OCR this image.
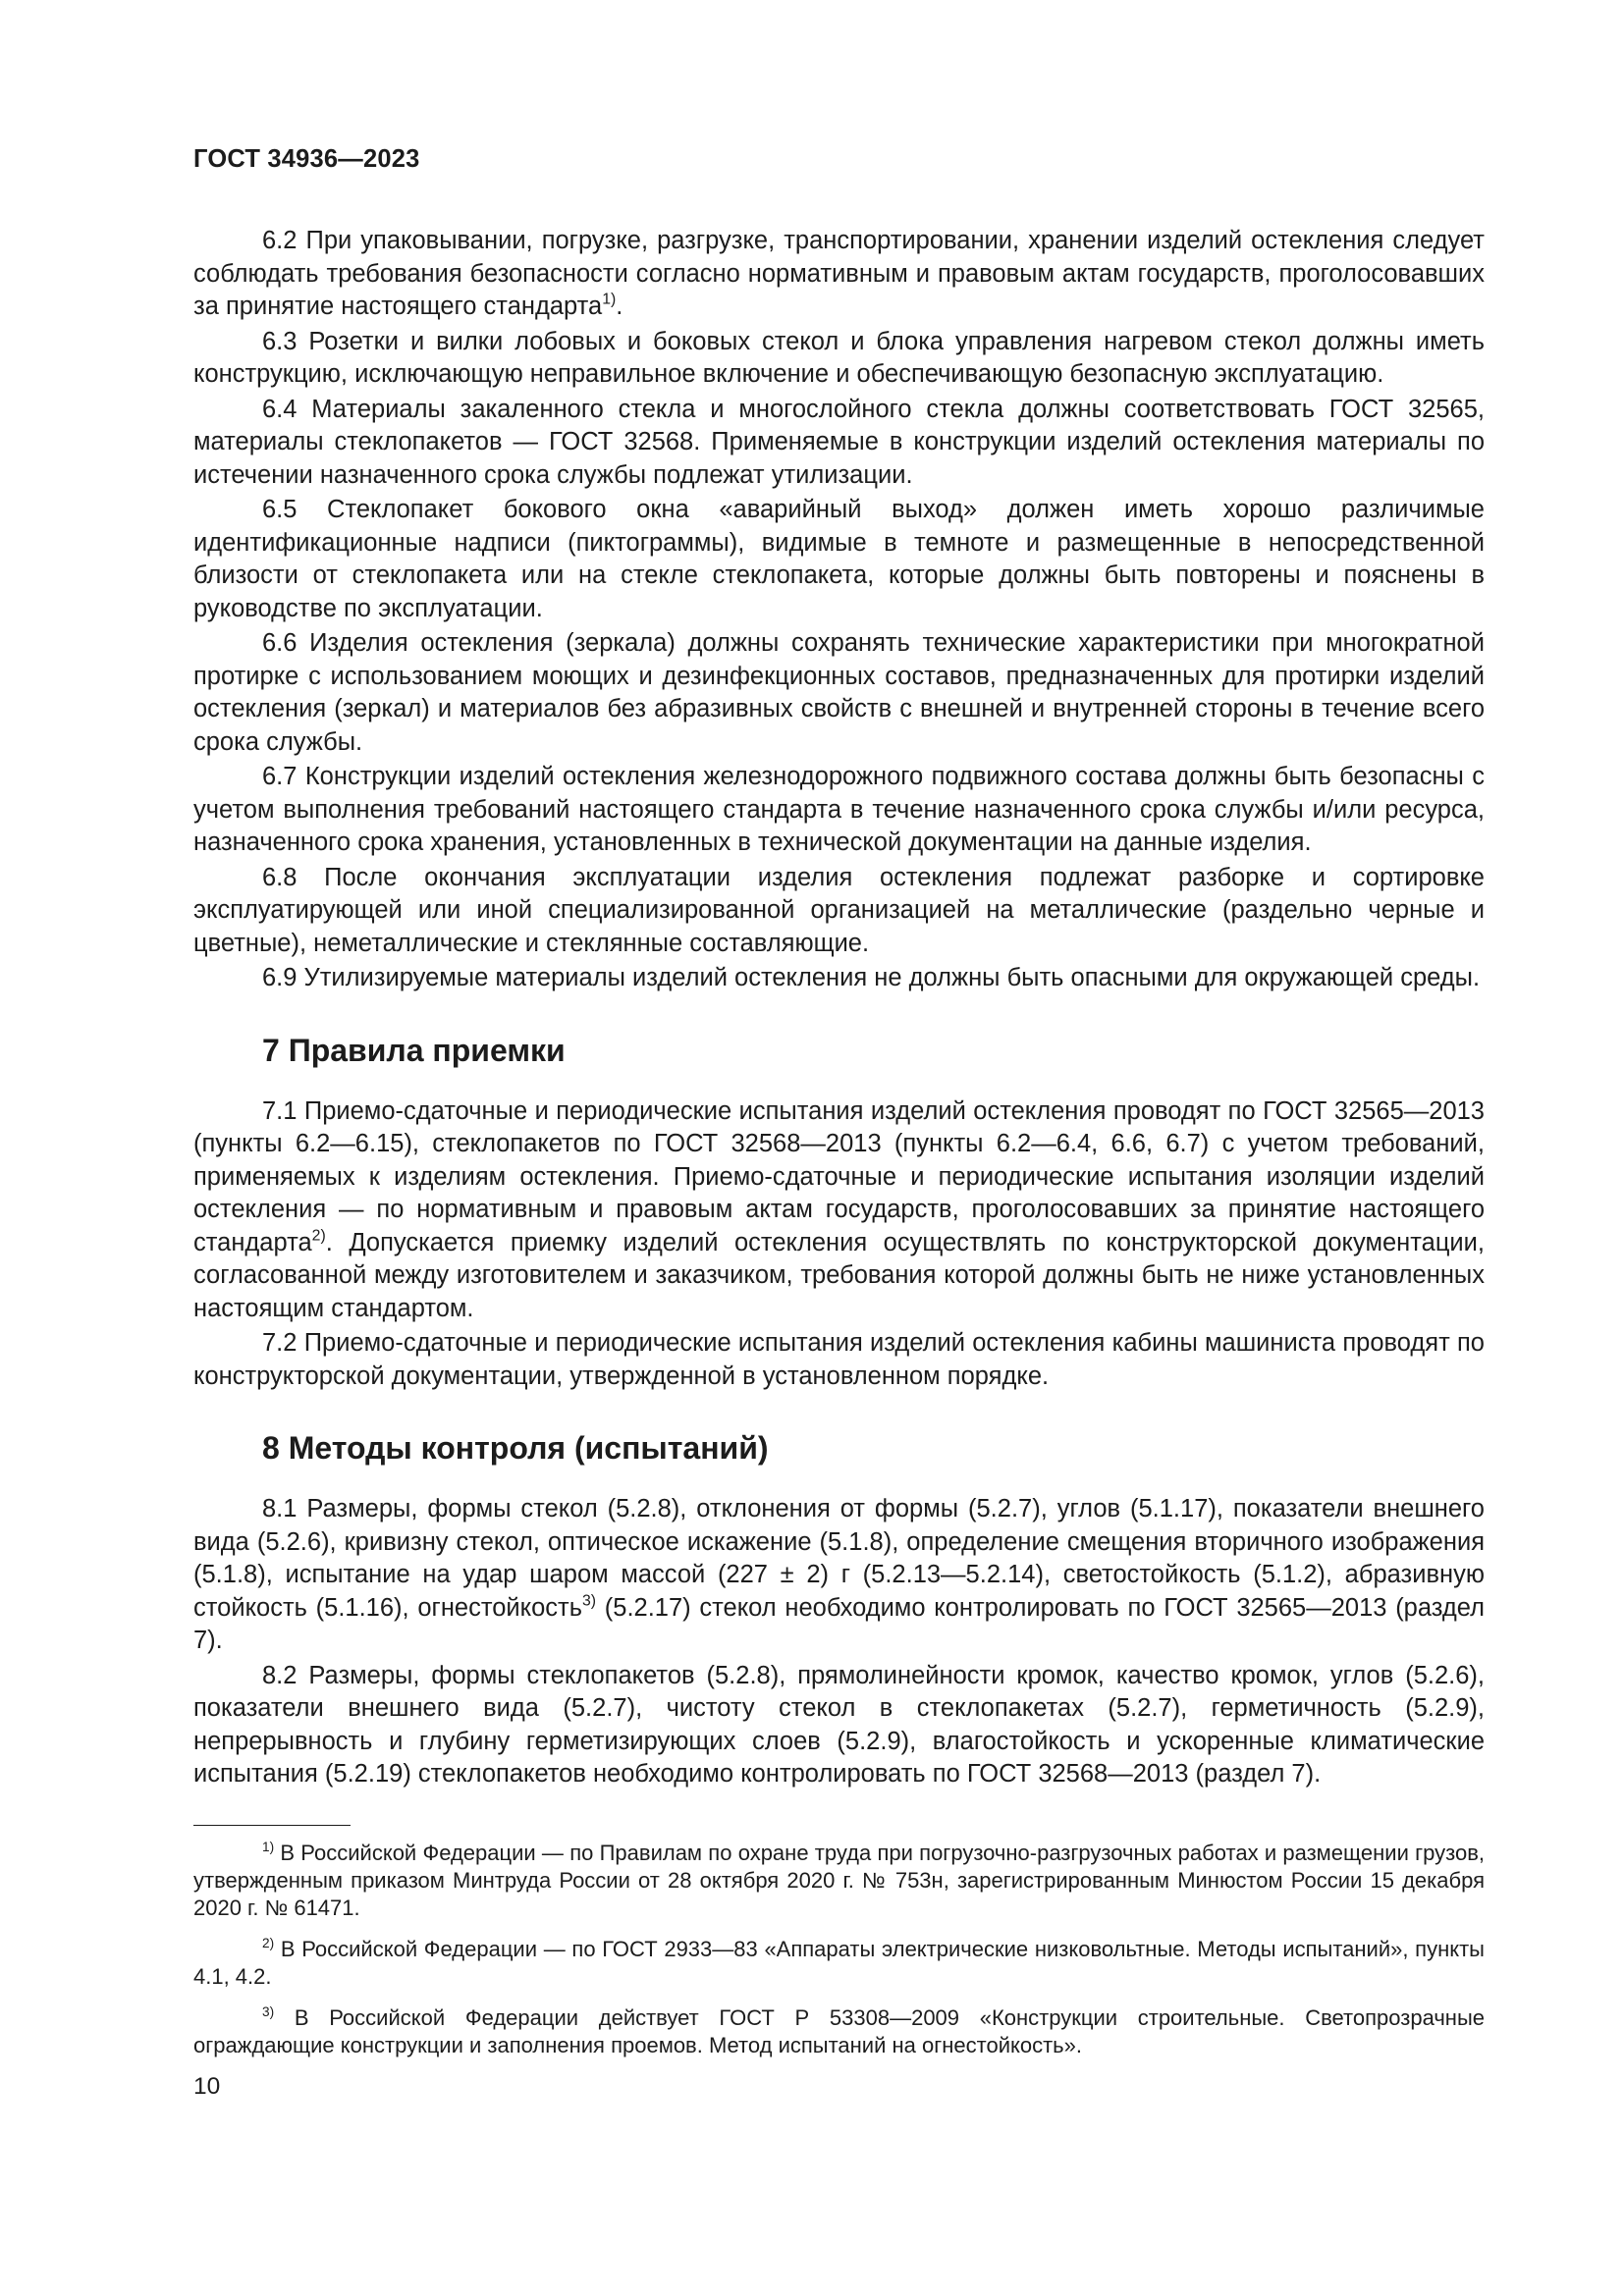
ГОСТ 34936—2023

6.2 При упаковывании, погрузке, разгрузке, транспортировании, хранении изделий остекления следует соблюдать требования безопасности согласно нормативным и правовым актам государств, проголосовавших за принятие настоящего стандарта$^{1)}$.

6.3 Розетки и вилки лобовых и боковых стекол и блока управления нагревом стекол должны иметь конструкцию, исключающую неправильное включение и обеспечивающую безопасную эксплуатацию.

6.4 Материалы закаленного стекла и многослойного стекла должны соответствовать ГОСТ 32565, материалы стеклопакетов — ГОСТ 32568. Применяемые в конструкции изделий остекления материалы по истечении назначенного срока службы подлежат утилизации.

6.5 Стеклопакет бокового окна «аварийный выход» должен иметь хорошо различимые идентификационные надписи (пиктограммы), видимые в темноте и размещенные в непосредственной близости от стеклопакета или на стекле стеклопакета, которые должны быть повторены и пояснены в руководстве по эксплуатации.

6.6 Изделия остекления (зеркала) должны сохранять технические характеристики при многократной протирке с использованием моющих и дезинфекционных составов, предназначенных для протирки изделий остекления (зеркал) и материалов без абразивных свойств с внешней и внутренней стороны в течение всего срока службы.

6.7 Конструкции изделий остекления железнодорожного подвижного состава должны быть безопасны с учетом выполнения требований настоящего стандарта в течение назначенного срока службы и/или ресурса, назначенного срока хранения, установленных в технической документации на данные изделия.

6.8 После окончания эксплуатации изделия остекления подлежат разборке и сортировке эксплуатирующей или иной специализированной организацией на металлические (раздельно черные и цветные), неметаллические и стеклянные составляющие.

6.9 Утилизируемые материалы изделий остекления не должны быть опасными для окружающей среды.

7 Правила приемки

7.1 Приемо-сдаточные и периодические испытания изделий остекления проводят по ГОСТ 32565—2013 (пункты 6.2—6.15), стеклопакетов по ГОСТ 32568—2013 (пункты 6.2—6.4, 6.6, 6.7) с учетом требований, применяемых к изделиям остекления. Приемо-сдаточные и периодические испытания изоляции изделий остекления — по нормативным и правовым актам государств, проголосовавших за принятие настоящего стандарта$^{2)}$. Допускается приемку изделий остекления осуществлять по конструкторской документации, согласованной между изготовителем и заказчиком, требования которой должны быть не ниже установленных настоящим стандартом.

7.2 Приемо-сдаточные и периодические испытания изделий остекления кабины машиниста проводят по конструкторской документации, утвержденной в установленном порядке.

8 Методы контроля (испытаний)

8.1 Размеры, формы стекол (5.2.8), отклонения от формы (5.2.7), углов (5.1.17), показатели внешнего вида (5.2.6), кривизну стекол, оптическое искажение (5.1.8), определение смещения вторичного изображения (5.1.8), испытание на удар шаром массой (227 ± 2) г (5.2.13—5.2.14), светостойкость (5.1.2), абразивную стойкость (5.1.16), огнестойкость$^{3)}$ (5.2.17) стекол необходимо контролировать по ГОСТ 32565—2013 (раздел 7).

8.2 Размеры, формы стеклопакетов (5.2.8), прямолинейности кромок, качество кромок, углов (5.2.6), показатели внешнего вида (5.2.7), чистоту стекол в стеклопакетах (5.2.7), герметичность (5.2.9), непрерывность и глубину герметизирующих слоев (5.2.9), влагостойкость и ускоренные климатические испытания (5.2.19) стеклопакетов необходимо контролировать по ГОСТ 32568—2013 (раздел 7).

$^{1)}$ В Российской Федерации — по Правилам по охране труда при погрузочно-разгрузочных работах и размещении грузов, утвержденным приказом Минтруда России от 28 октября 2020 г. № 753н, зарегистрированным Минюстом России 15 декабря 2020 г. № 61471.

$^{2)}$ В Российской Федерации — по ГОСТ 2933—83 «Аппараты электрические низковольтные. Методы испытаний», пункты 4.1, 4.2.

$^{3)}$ В Российской Федерации действует ГОСТ Р 53308—2009 «Конструкции строительные. Светопрозрачные ограждающие конструкции и заполнения проемов. Метод испытаний на огнестойкость».

10
